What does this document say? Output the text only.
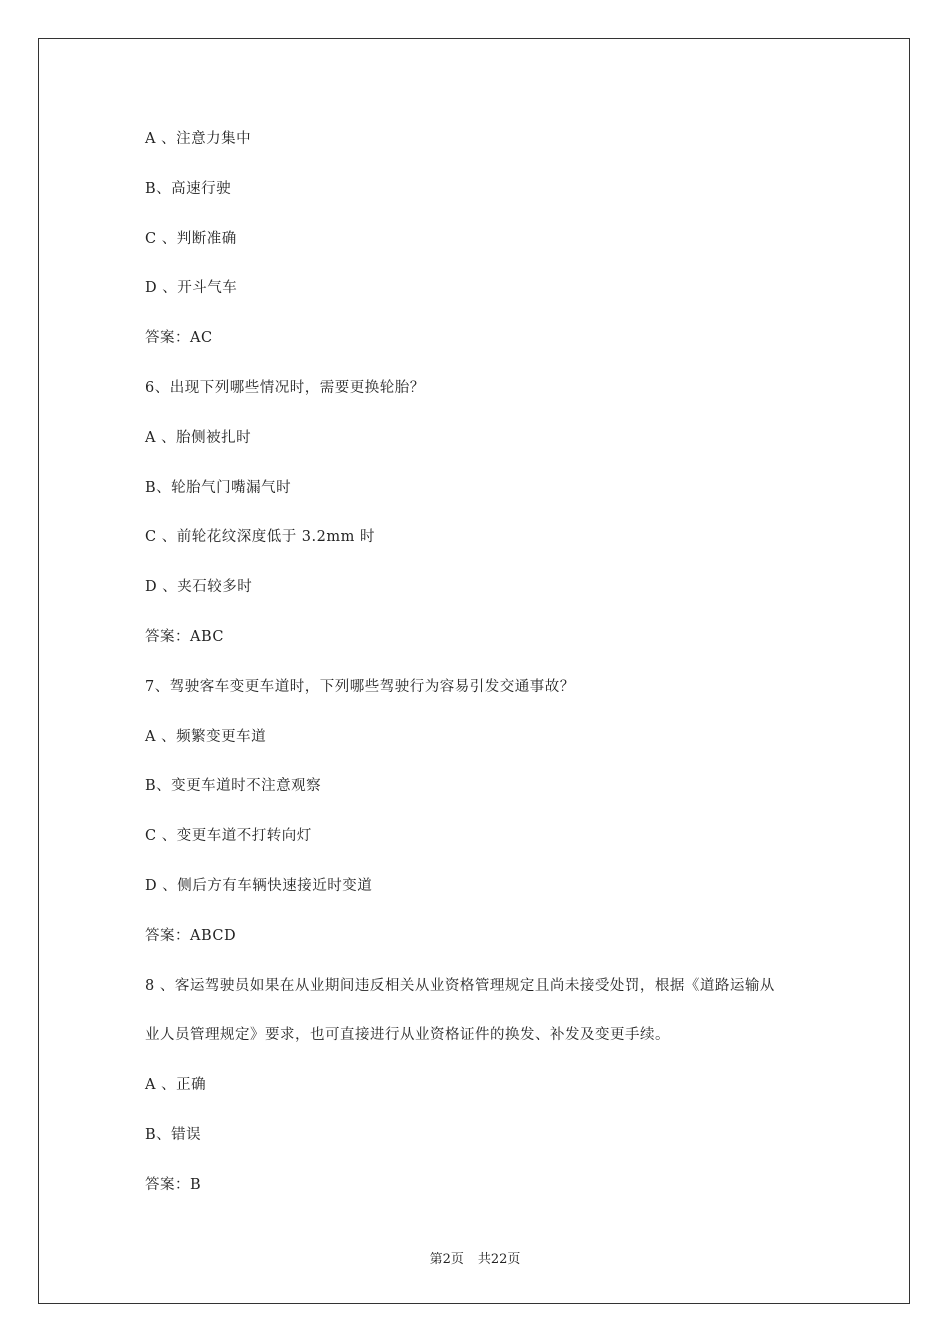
A 、注意力集中
B、高速行驶
C 、判断准确
D 、开斗气车
答案：AC
6、出现下列哪些情况时，需要更换轮胎？
A 、胎侧被扎时
B、轮胎气门嘴漏气时
C 、前轮花纹深度低于 3.2mm 时
D 、夹石较多时
答案：ABC
7、驾驶客车变更车道时，下列哪些驾驶行为容易引发交通事故？
A 、频繁变更车道
B、变更车道时不注意观察
C 、变更车道不打转向灯
D 、侧后方有车辆快速接近时变道
答案：ABCD
8 、客运驾驶员如果在从业期间违反相关从业资格管理规定且尚未接受处罚，根据《道路运输从
业人员管理规定》要求，也可直接进行从业资格证件的换发、补发及变更手续。
A 、正确
B、错误
答案：B
第2页 共22页
